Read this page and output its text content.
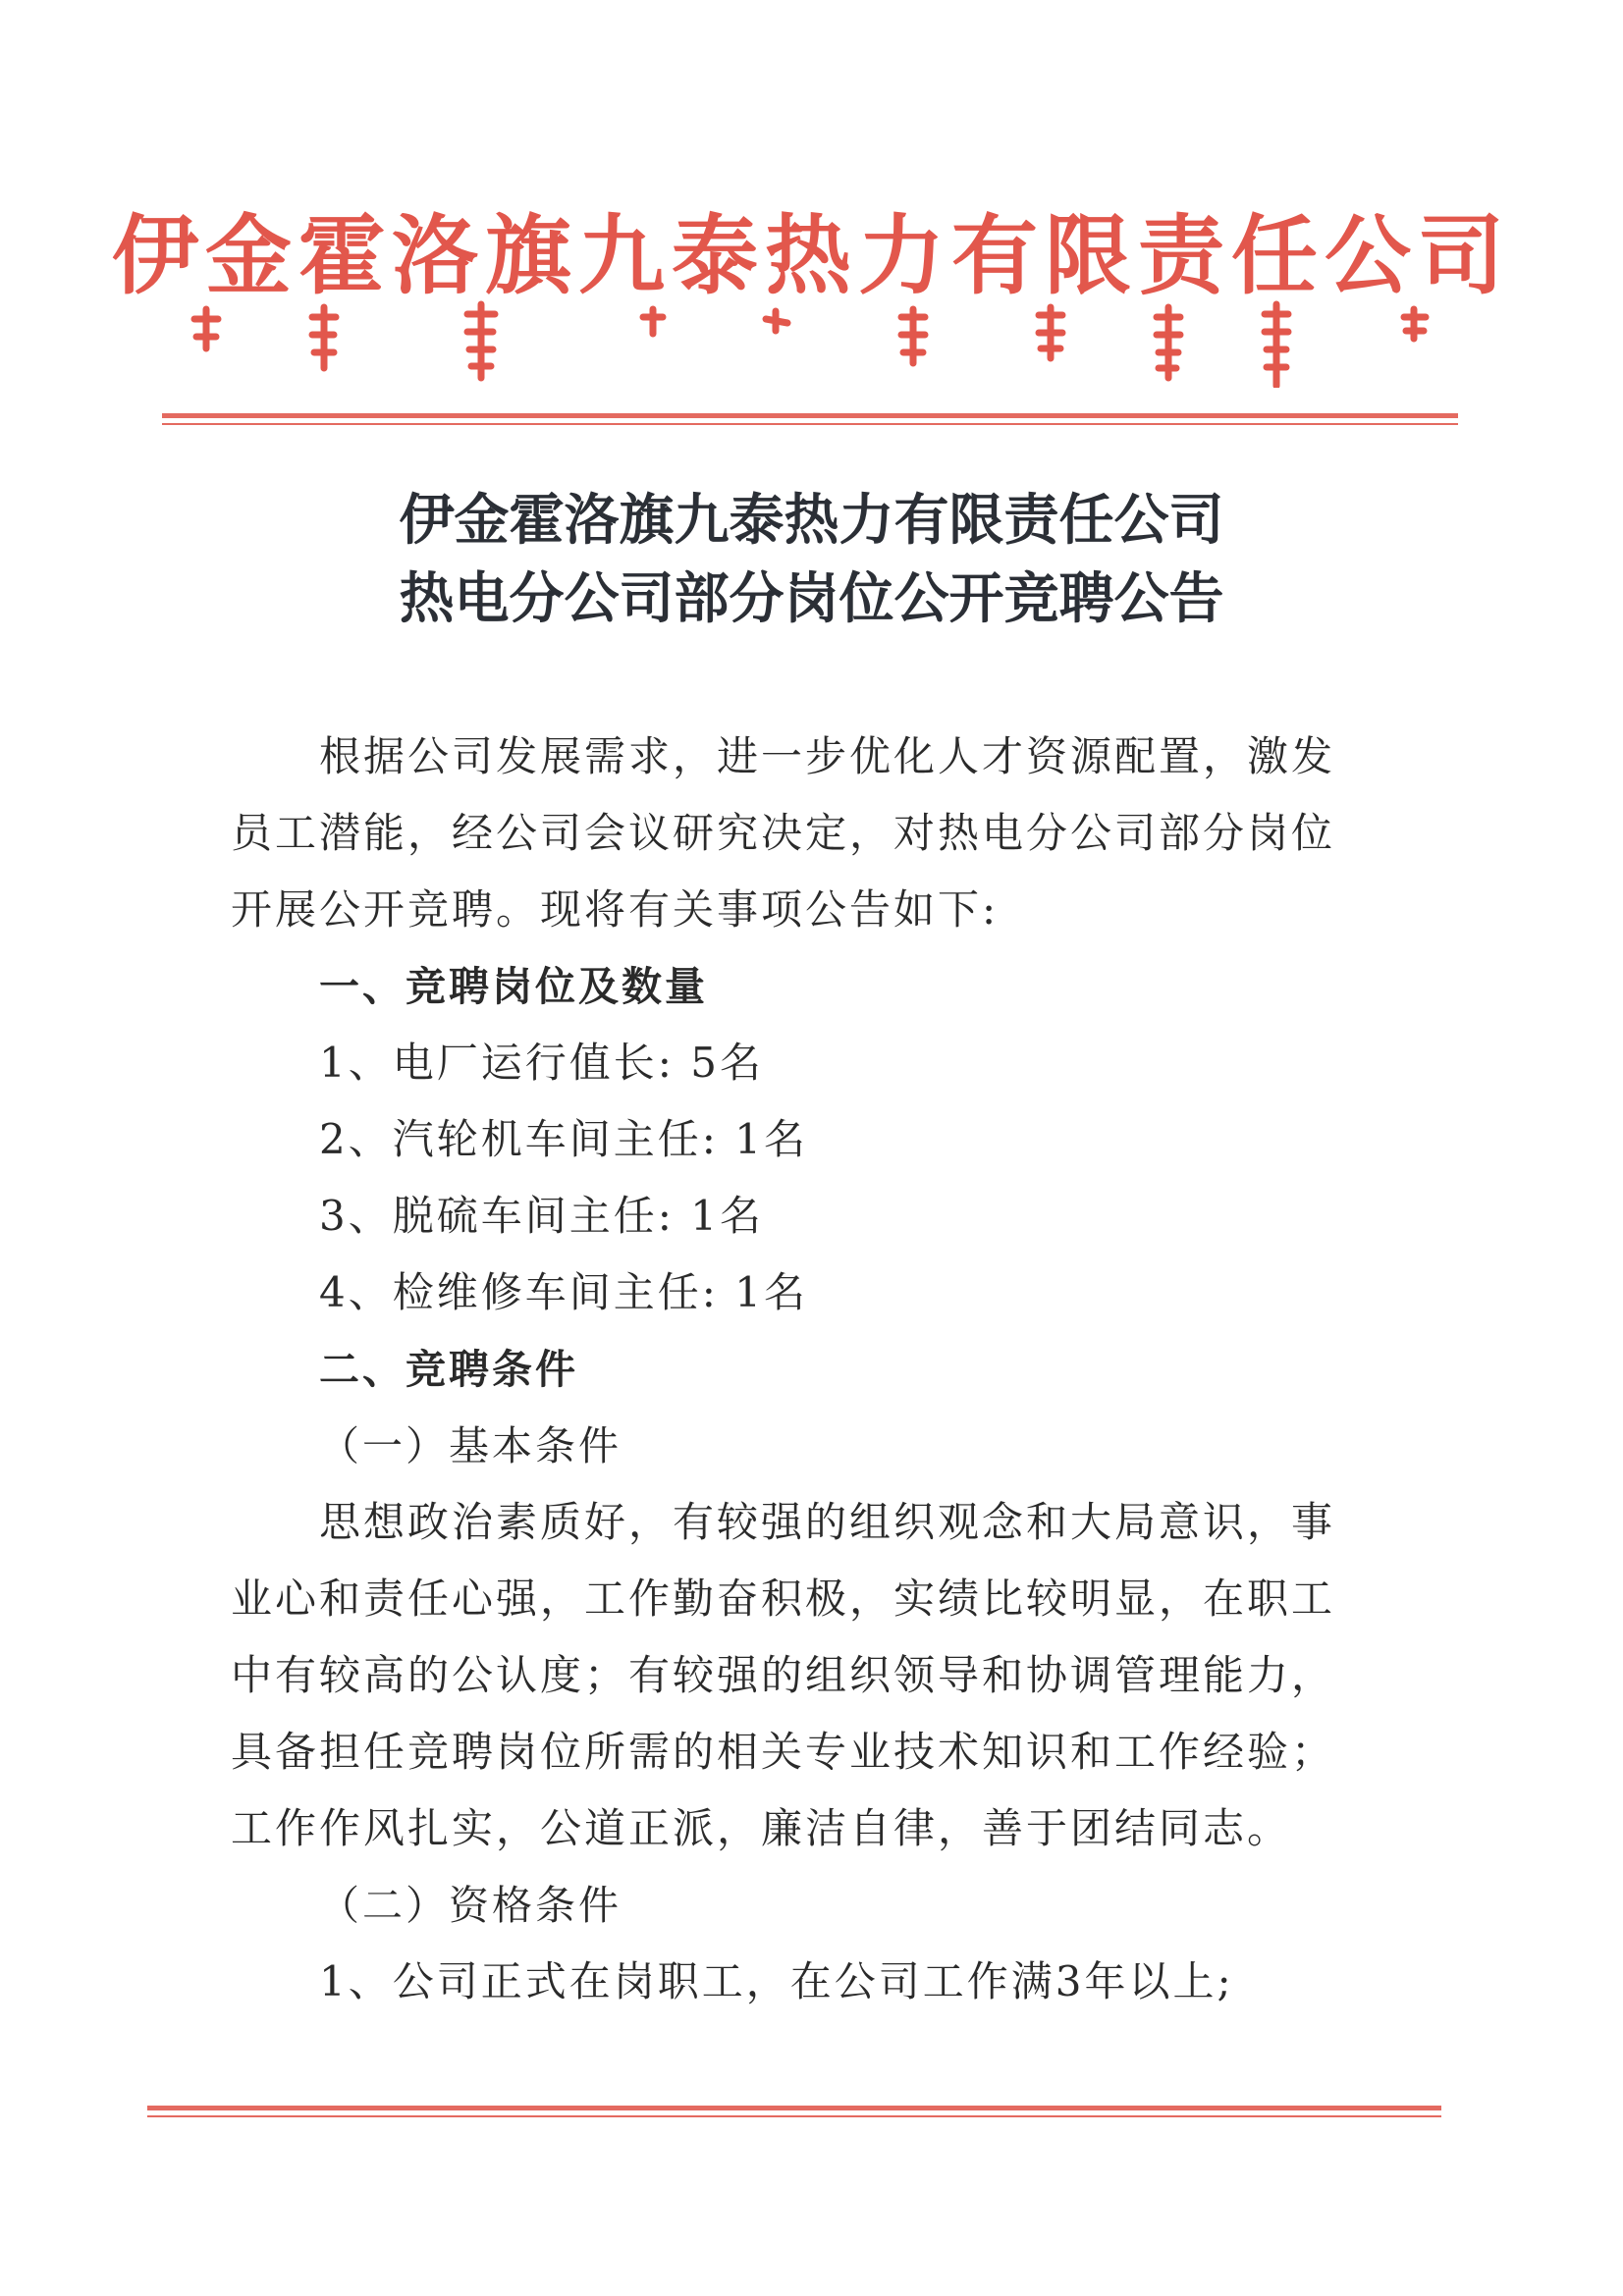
伊金霍洛旗九泰热力有限责任公司
伊金霍洛旗九泰热力有限责任公司
热电分公司部分岗位公开竞聘公告

根据公司发展需求，进一步优化人才资源配置，激发员工潜能，经公司会议研究决定，对热电分公司部分岗位开展公开竞聘。现将有关事项公告如下:

一、竞聘岗位及数量

1、电厂运行值长: 5名

2、汽轮机车间主任: 1名

3、脱硫车间主任: 1名

4、检维修车间主任: 1名

二、竞聘条件

（一）基本条件

思想政治素质好，有较强的组织观念和大局意识，事业心和责任心强，工作勤奋积极，实绩比较明显，在职工中有较高的公认度；有较强的组织领导和协调管理能力，具备担任竞聘岗位所需的相关专业技术知识和工作经验；工作作风扎实，公道正派，廉洁自律，善于团结同志。

（二）资格条件

1、公司正式在岗职工，在公司工作满3年以上;
